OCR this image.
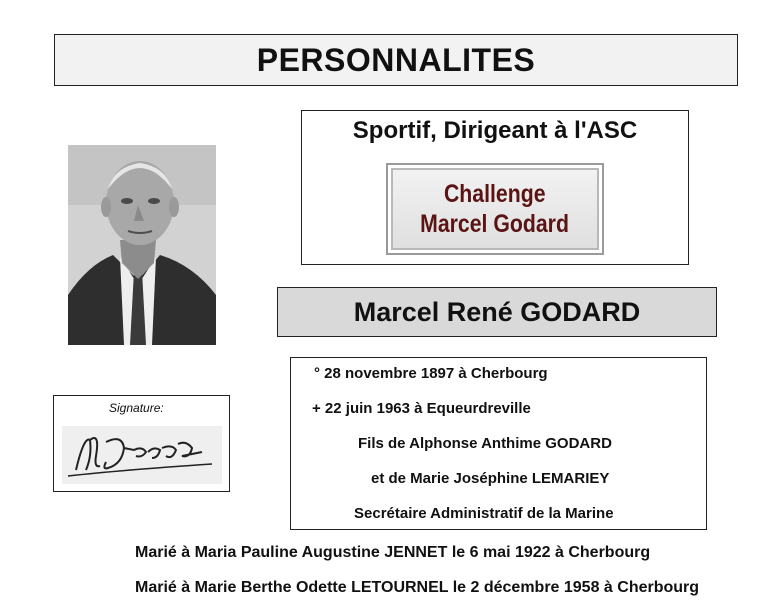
PERSONNALITES
Sportif, Dirigeant à l'ASC
Challenge
Marcel Godard
Marcel René GODARD
Signature:
° 28 novembre 1897 à Cherbourg
+ 22 juin 1963 à Equeurdreville
Fils de Alphonse Anthime GODARD
et de Marie Joséphine LEMARIEY
Secrétaire Administratif de la Marine
Marié à Maria Pauline Augustine JENNET le 6 mai 1922 à Cherbourg
Marié à Marie Berthe Odette LETOURNEL le 2 décembre 1958 à Cherbourg
